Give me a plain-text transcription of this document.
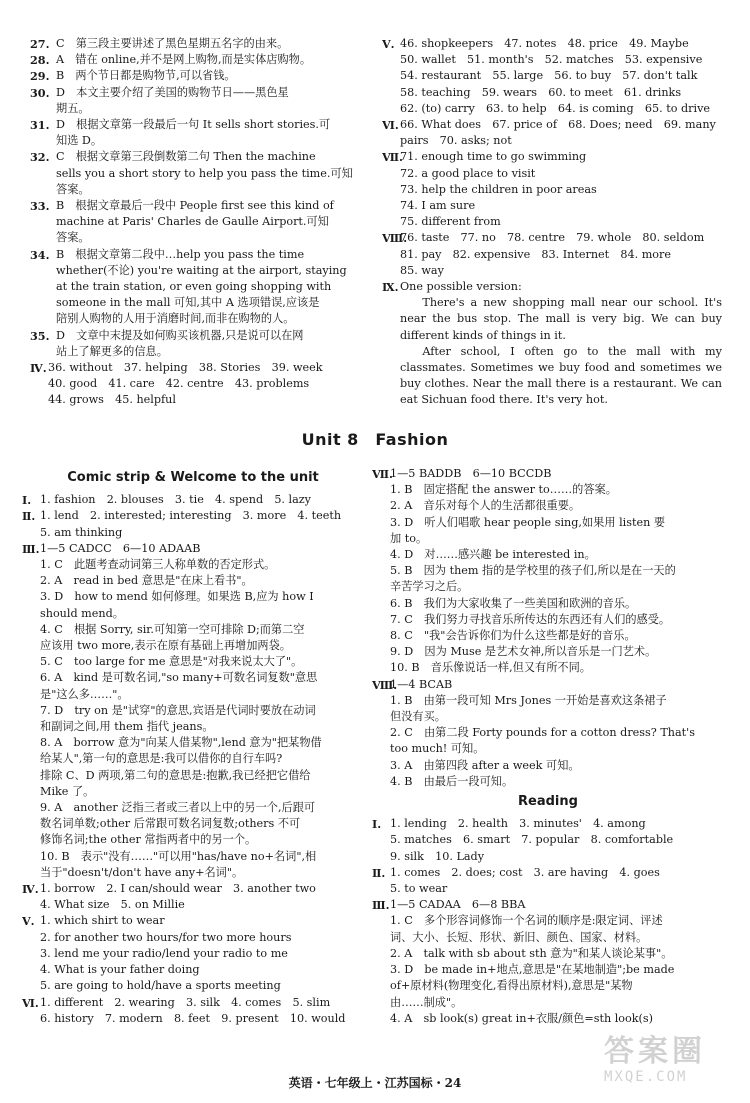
27. C　第三段主要讲述了黑色星期五名字的由来。
28. A　错在 online,并不是网上购物,而是实体店购物。
29. B　两个节日都是购物节,可以省钱。
30. D　本文主要介绍了美国的购物节日——黑色星
期五。
31. D　根据文章第一段最后一句 It sells short stories.可
知选 D。
32. C　根据文章第三段倒数第二句 Then the machine
sells you a short story to help you pass the time.可知
答案。
33. B　根据文章最后一段中 People first see this kind of
machine at Paris' Charles de Gaulle Airport.可知
答案。
34. B　根据文章第二段中…help you pass the time
whether(不论) you're waiting at the airport, staying
at the train station, or even going shopping with
someone in the mall 可知,其中 A 选项错误,应该是
陪别人购物的人用于消磨时间,而非在购物的人。
35. D　文章中末提及如何购买该机器,只是说可以在网
站上了解更多的信息。
Ⅳ. 36. without　37. helping　38. Stories　39. week
40. good　41. care　42. centre　43. problems
44. grows　45. helpful
Ⅴ. 46. shopkeepers　47. notes　48. price　49. Maybe
50. wallet　51. month's　52. matches　53. expensive
54. restaurant　55. large　56. to buy　57. don't talk
58. teaching　59. wears　60. to meet　61. drinks
62. (to) carry　63. to help　64. is coming　65. to drive
Ⅵ. 66. What does　67. price of　68. Does; need　69. many
pairs　70. asks; not
Ⅶ.
71. enough time to go swimming
72. a good place to visit
73. help the children in poor areas
74. I am sure
75. different from
Ⅷ.
76. taste　77. no　78. centre　79. whole　80. seldom
81. pay　82. expensive　83. Internet　84. more
85. way
Ⅸ. One possible version:

There's a new shopping mall near our school. It's near the bus stop. The mall is very big. We can buy different kinds of things in it.

After school, I often go to the mall with my classmates. Sometimes we buy food and sometimes we buy clothes. Near the mall there is a restaurant. We can eat Sichuan food there. It's very hot.

Unit 8　Fashion
Comic strip & Welcome to the unit
Ⅰ. 1. fashion　2. blouses　3. tie　4. spend　5. lazy
Ⅱ. 1. lend　2. interested; interesting　3. more　4. teeth
5. am thinking
Ⅲ. 1—5 CADCC　6—10 ADAAB
1. C　此题考查动词第三人称单数的否定形式。
2. A　read in bed 意思是"在床上看书"。
3. D　how to mend 如何修理。如果选 B,应为 how I
should mend。
4. C　根据 Sorry, sir.可知第一空可排除 D;而第二空
应该用 two more,表示在原有基础上再增加两袋。
5. C　too large for me 意思是"对我来说太大了"。
6. A　kind 是可数名词,"so many+可数名词复数"意思
是"这么多……"。
7. D　try on 是"试穿"的意思,宾语是代词时要放在动词
和副词之间,用 them 指代 jeans。
8. A　borrow 意为"向某人借某物",lend 意为"把某物借
给某人",第一句的意思是:我可以借你的自行车吗?
排除 C、D 两项,第二句的意思是:抱歉,我已经把它借给
Mike 了。
9. A　another 泛指三者或三者以上中的另一个,后跟可
数名词单数;other 后常跟可数名词复数;others 不可
修饰名词;the other 常指两者中的另一个。
10. B　表示"没有……"可以用"has/have no+名词",相
当于"doesn't/don't have any+名词"。
Ⅳ. 1. borrow　2. I can/should wear　3. another two
4. What size　5. on Millie
Ⅴ. 1. which shirt to wear
2. for another two hours/for two more hours
3. lend me your radio/lend your radio to me
4. What is your father doing
5. are going to hold/have a sports meeting
Ⅵ. 1. different　2. wearing　3. silk　4. comes　5. slim
6. history　7. modern　8. feet　9. present　10. would
Ⅶ.
1—5 BADDB　6—10 BCCDB
1. B　固定搭配 the answer to……的答案。
2. A　音乐对每个人的生活都很重要。
3. D　听人们唱歌 hear people sing,如果用 listen 要
加 to。
4. D　对……感兴趣 be interested in。
5. B　因为 them 指的是学校里的孩子们,所以是在一天的
辛苦学习之后。
6. B　我们为大家收集了一些美国和欧洲的音乐。
7. C　我们努力寻找音乐所传达的东西还有人们的感受。
8. C　"我"会告诉你们为什么这些都是好的音乐。
9. D　因为 Muse 是艺术女神,所以音乐是一门艺术。
10. B　音乐像说话一样,但又有所不同。
Ⅷ.
1—4 BCAB
1. B　由第一段可知 Mrs Jones 一开始是喜欢这条裙子
但没有买。
2. C　由第二段 Forty pounds for a cotton dress? That's
too much! 可知。
3. A　由第四段 after a week 可知。
4. B　由最后一段可知。
Reading
Ⅰ. 1. lending　2. health　3. minutes'　4. among
5. matches　6. smart　7. popular　8. comfortable
9. silk　10. Lady
Ⅱ. 1. comes　2. does; cost　3. are having　4. goes
5. to wear
Ⅲ. 1—5 CADAA　6—8 BBA
1. C　多个形容词修饰一个名词的顺序是:限定词、评述
词、大小、长短、形状、新旧、颜色、国家、材料。
2. A　talk with sb about sth 意为"和某人谈论某事"。
3. D　be made in+地点,意思是"在某地制造";be made
of+原材料(物理变化,看得出原材料),意思是"某物
由……制成"。
4. A　sb look(s) great in+衣服/颜色=sth look(s)
英语・七年级上・江苏国标・24
答案圈
MXQE.COM
